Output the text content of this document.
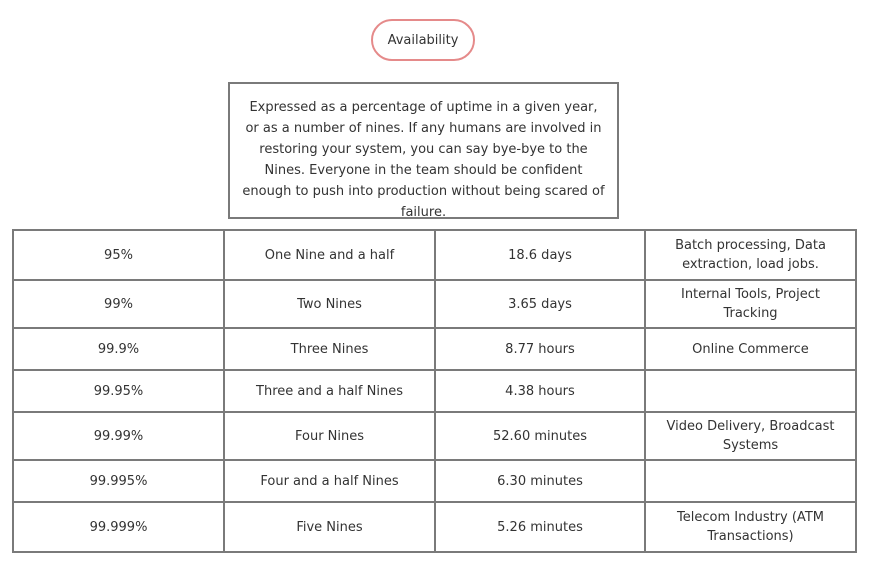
Availability
Expressed as a percentage of uptime in a given year, or as a number of nines. If any humans are involved in restoring your system, you can say bye-bye to the Nines. Everyone in the team should be confident enough to push into production without being scared of failure.
95%	One Nine and a half	18.6 days	Batch processing, Data extraction, load jobs.
99%	Two Nines	3.65 days	Internal Tools, Project Tracking
99.9%	Three Nines	8.77 hours	Online Commerce
99.95%	Three and a half Nines	4.38 hours	
99.99%	Four Nines	52.60 minutes	Video Delivery, Broadcast Systems
99.995%	Four and a half Nines	6.30 minutes	
99.999%	Five Nines	5.26 minutes	Telecom Industry (ATM Transactions)
